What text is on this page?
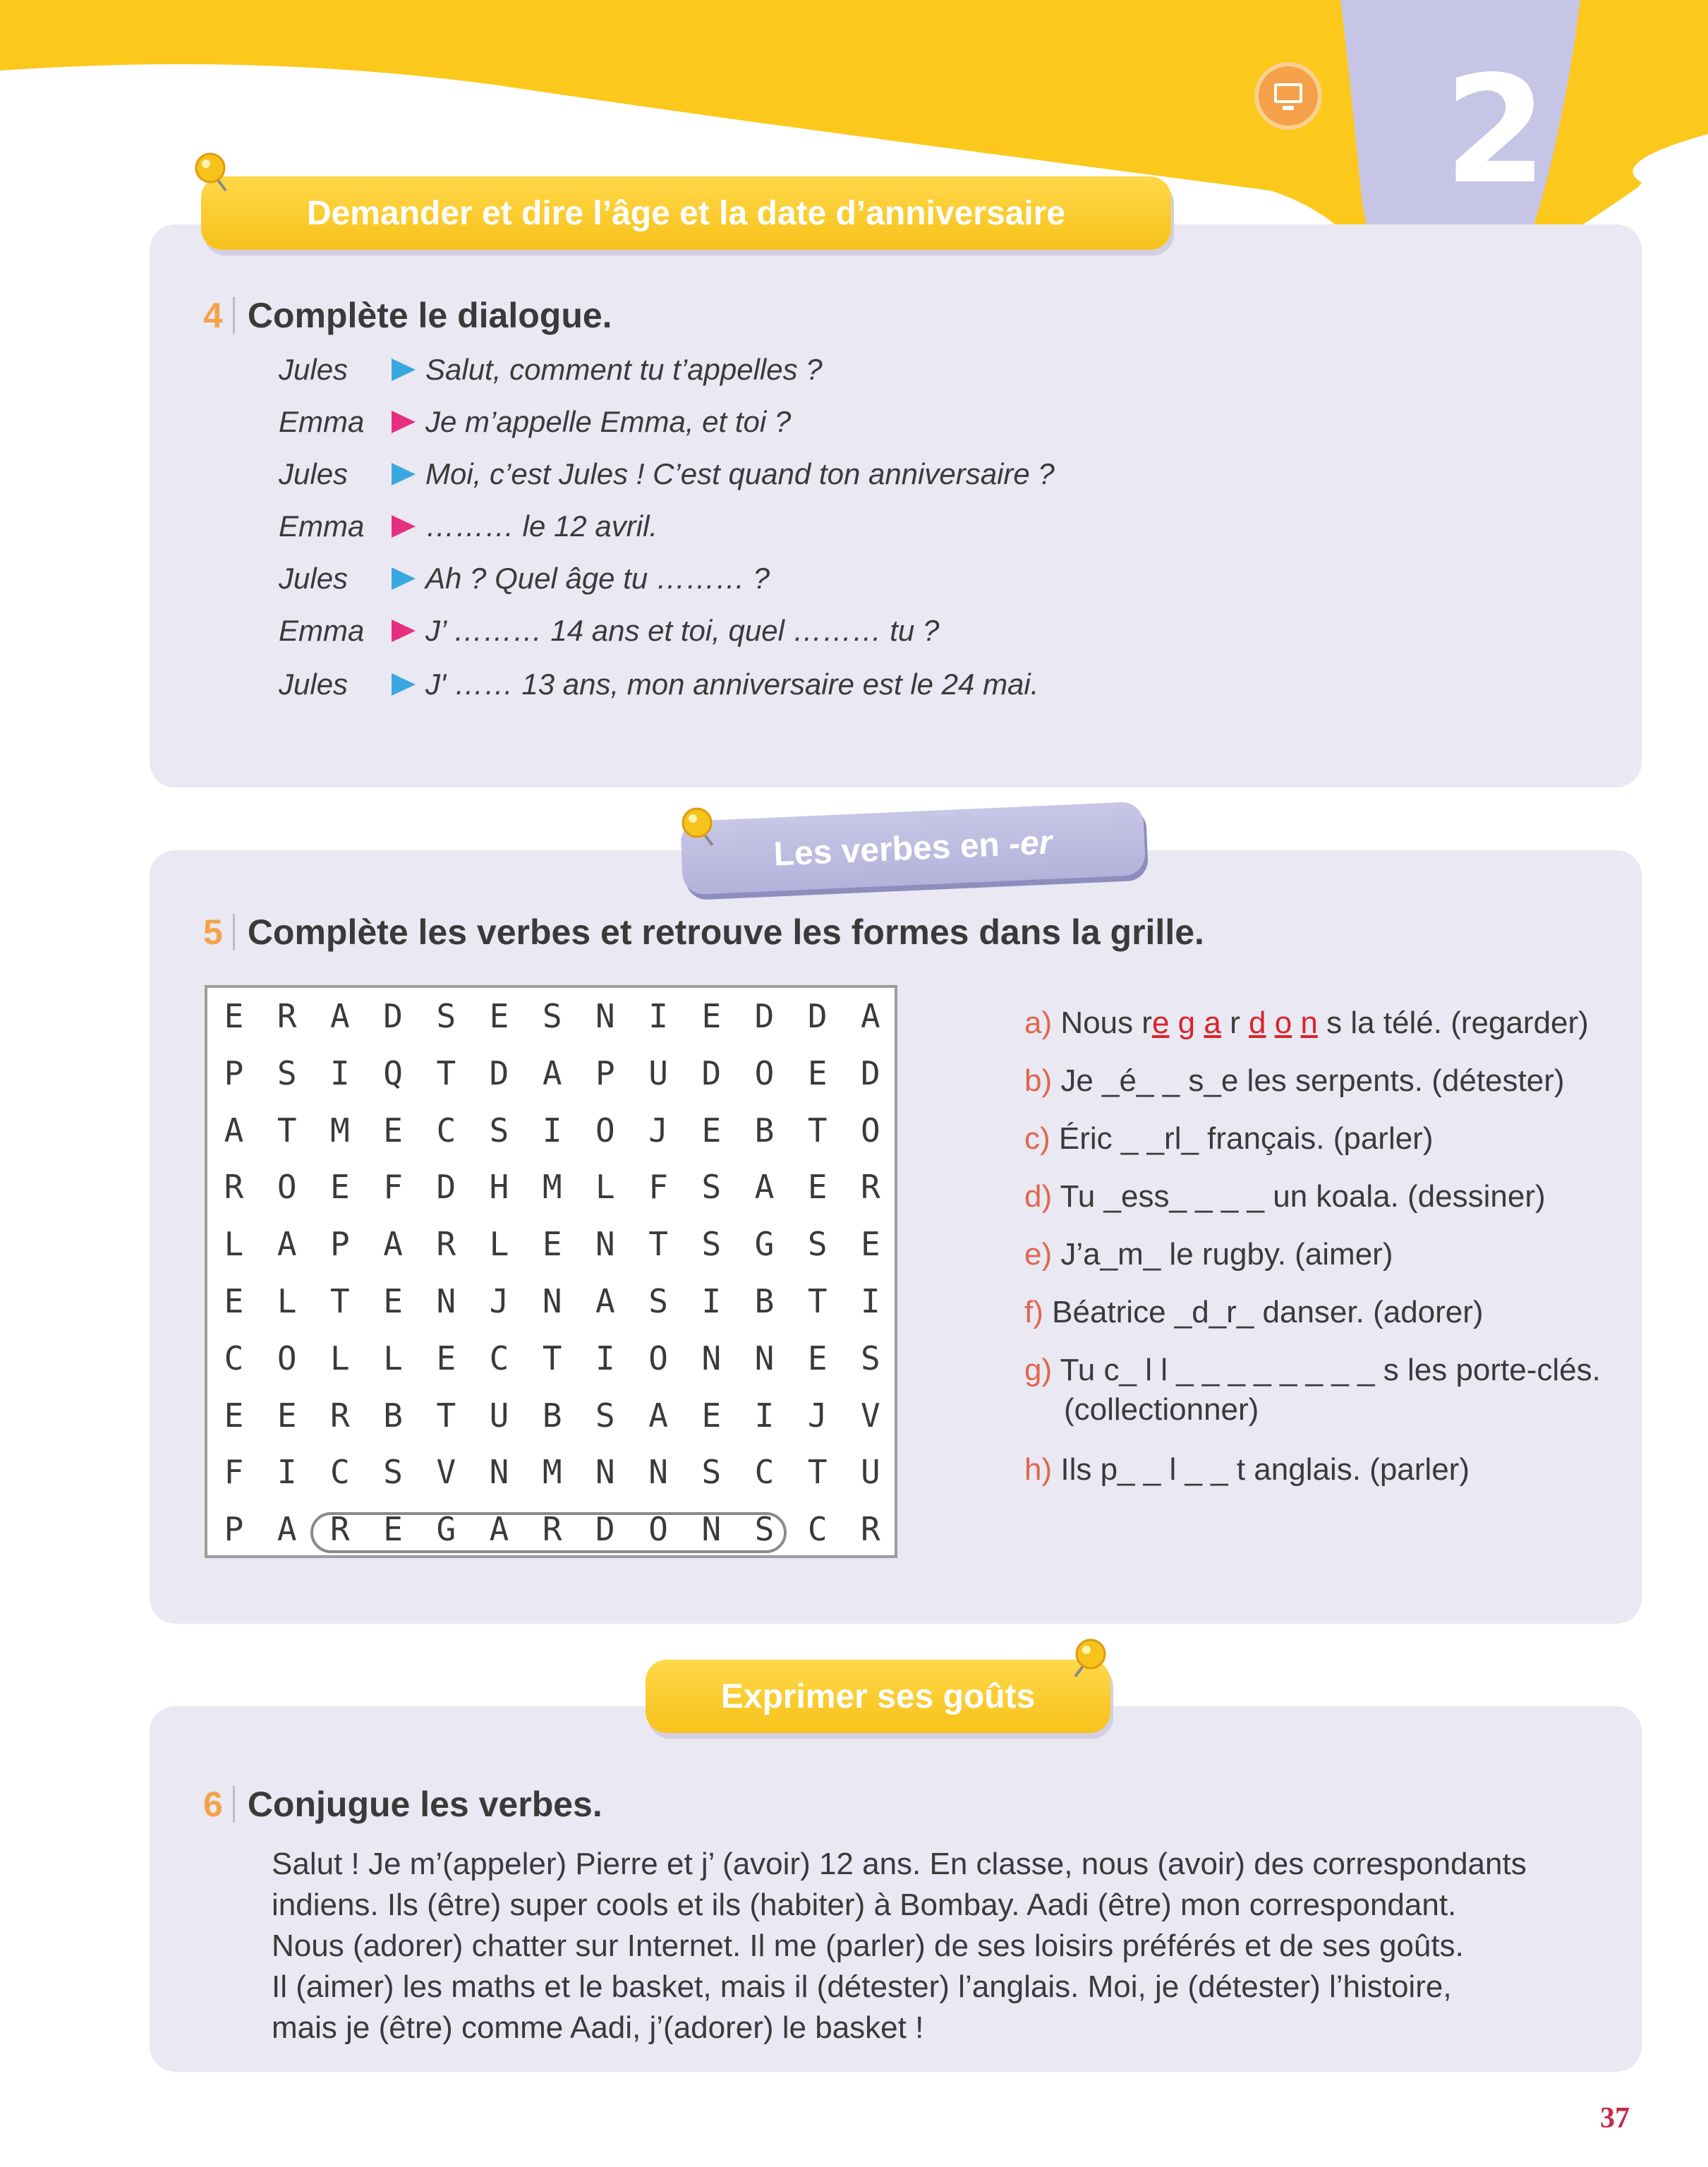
2
Demander et dire l’âge et la date d’anniversaire
4 Complète le dialogue.
Jules	Salut, comment tu t’appelles ?
Emma	Je m’appelle Emma, et toi ?
Jules	Moi, c’est Jules ! C’est quand ton anniversaire ?
Emma	……… le 12 avril.
Jules	Ah ? Quel âge tu ……… ?
Emma	J’ ……… 14 ans et toi, quel ……… tu ?
Jules	J' …… 13 ans, mon anniversaire est le 24 mai.
Les verbes en
-er
5 Complète les verbes et retrouve les formes dans la grille.
E	R	A	D	S	E	S	N	I	E	D	D	A
P	S	I	Q	T	D	A	P	U	D	O	E	D
A	T	M	E	C	S	I	O	J	E	B	T	O
R	O	E	F	D	H	M	L	F	S	A	E	R
L	A	P	A	R	L	E	N	T	S	G	S	E
E	L	T	E	N	J	N	A	S	I	B	T	I
C	O	L	L	E	C	T	I	O	N	N	E	S
E	E	R	B	T	U	B	S	A	E	I	J	V
F	I	C	S	V	N	M	N	N	S	C	T	U
P	A	R	E	G	A	R	D	O	N	S	C	R
a) Nous re g a r d o n s la télé. (regarder)
b) Je _é_ _ s_e les serpents. (détester)
c) Éric _ _rl_ français. (parler)
d) Tu _ess_ _ _ _ un koala. (dessiner)
e) J’a_m_ le rugby. (aimer)
f) Béatrice _d_r_ danser. (adorer)
g) Tu c_ l l _ _ _ _ _ _ _ _ s les porte-clés.
(collectionner)
h) Ils p_ _ l _ _ t anglais. (parler)
Exprimer ses goûts
6 Conjugue les verbes.

Salut ! Je m’(appeler) Pierre et j’ (avoir) 12 ans. En classe, nous (avoir) des correspondants

indiens. Ils (être) super cools et ils (habiter) à Bombay. Aadi (être) mon correspondant.

Nous (adorer) chatter sur Internet. Il me (parler) de ses loisirs préférés et de ses goûts.

Il (aimer) les maths et le basket, mais il (détester) l’anglais. Moi, je (détester) l’histoire,

mais je (être) comme Aadi, j’(adorer) le basket !

37
